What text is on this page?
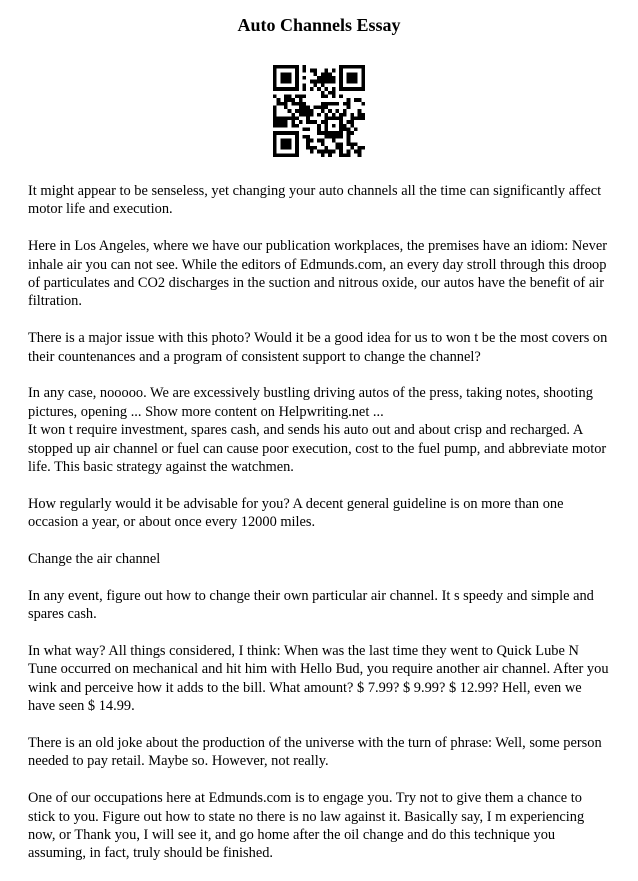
Auto Channels Essay

It might appear to be senseless, yet changing your auto channels all the time can significantly affect motor life and execution.

Here in Los Angeles, where we have our publication workplaces, the premises have an idiom: Never inhale air you can not see. While the editors of Edmunds.com, an every day stroll through this droop of particulates and CO2 discharges in the suction and nitrous oxide, our autos have the benefit of air filtration.

There is a major issue with this photo? Would it be a good idea for us to won t be the most covers on their countenances and a program of consistent support to change the channel?

In any case, nooooo. We are excessively bustling driving autos of the press, taking notes, shooting pictures, opening ... Show more content on Helpwriting.net ...
It won t require investment, spares cash, and sends his auto out and about crisp and recharged. A stopped up air channel or fuel can cause poor execution, cost to the fuel pump, and abbreviate motor life. This basic strategy against the watchmen.

How regularly would it be advisable for you? A decent general guideline is on more than one occasion a year, or about once every 12000 miles.

Change the air channel

In any event, figure out how to change their own particular air channel. It s speedy and simple and spares cash.

In what way? All things considered, I think: When was the last time they went to Quick Lube N Tune occurred on mechanical and hit him with Hello Bud, you require another air channel. After you wink and perceive how it adds to the bill. What amount? $ 7.99? $ 9.99? $ 12.99? Hell, even we have seen $ 14.99.

There is an old joke about the production of the universe with the turn of phrase: Well, some person needed to pay retail. Maybe so. However, not really.

One of our occupations here at Edmunds.com is to engage you. Try not to give them a chance to stick to you. Figure out how to state no there is no law against it. Basically say, I m experiencing now, or Thank you, I will see it, and go home after the oil change and do this technique you assuming, in fact, truly should be finished.
